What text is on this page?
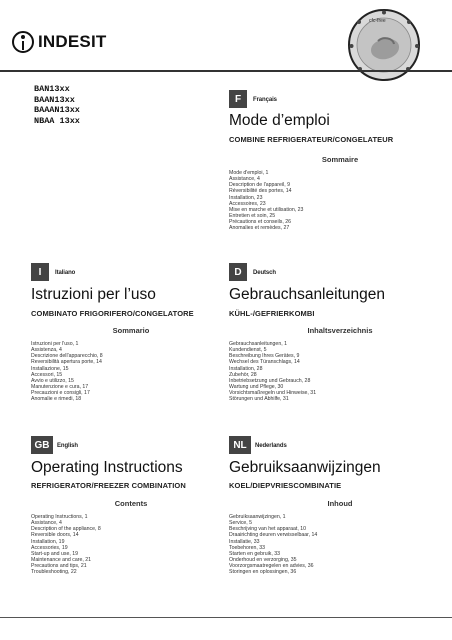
INDESIT
cfc-free
BAN13xx
BAAN13xx
BAAAN13xx
NBAA 13xx
F	Français
Mode d’emploi
COMBINE REFRIGERATEUR/CONGELATEUR
Sommaire
Mode d'emploi, 1
Assistance, 4
Description de l'appareil, 9
Réversibilité des portes, 14
Installation, 23
Accessoires, 23
Mise en marche et utilisation, 23
Entretien et soin, 25
Précautions et conseils, 26
Anomalies et remèdes, 27
I	Italiano
Istruzioni per l’uso
COMBINATO FRIGORIFERO/CONGELATORE
Sommario
Istruzioni per l'uso, 1
Assistenza, 4
Descrizione dell'apparecchio, 8
Reversibilità apertura porte, 14
Installazione, 15
Accessori, 15
Avvio e utilizzo, 15
Manutenzione e cura, 17
Precauzioni e consigli, 17
Anomalie e rimedi, 18
D	Deutsch
Gebrauchsanleitungen
KÜHL-/GEFRIERKOMBI
Inhaltsverzeichnis
Gebrauchsanleitungen, 1
Kundendienst, 5
Beschreibung Ihres Gerätes, 9
Wechsel des Türanschlags, 14
Installation, 28
Zubehör, 28
Inbetriebsetzung und Gebrauch, 28
Wartung und Pflege, 30
Vorsichtsmaßregeln und Hinweise, 31
Störungen und Abhilfe, 31
GB	English
Operating Instructions
REFRIGERATOR/FREEZER COMBINATION
Contents
Operating Instructions, 1
Assistance, 4
Description of the appliance, 8
Reversible doors, 14
Installation, 19
Accessories, 19
Start-up and use, 19
Maintenance and care, 21
Precautions and tips, 21
Troubleshooting, 22
NL	Nederlands
Gebruiksaanwijzingen
KOEL/DIEPVRIESCOMBINATIE
Inhoud
Gebruiksaanwijzingen, 1
Service, 5
Beschrijving van het apparaat, 10
Draairichting deuren verwisselbaar, 14
Installatie, 33
Toebehoren, 33
Starten en gebruik, 33
Onderhoud en verzorging, 35
Voorzorgsmaatregelen en advies, 36
Storingen en oplossingen, 36
